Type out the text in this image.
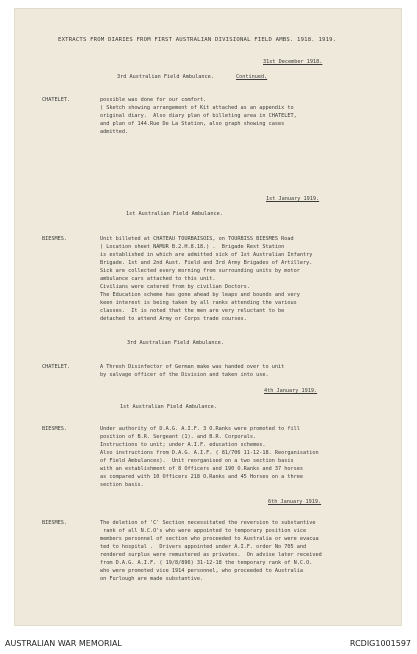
EXTRACTS FROM DIARIES FROM FIRST AUSTRALIAN DIVISIONAL FIELD AMBS. 1918. 1919.
31st December 1918.
3rd Australian Field Ambulance.	Continued.
CHATELET.	possible was done for our comfort.
( Sketch showing arrangement of Kit attached as an appendix to
original diary.  Also diary plan of billeting area in CHATELET,
and plan of 144.Rue De La Station, also graph showing cases
admitted.
1st January 1919.
1st Australian Field Ambulance.
BIESMES.	Unit billeted at CHATEAU TOURBAISOIS, on TOURBISS BIESMES Road
( Location sheet NAMUR B.2.H.8.18.) .  Brigade Rest Station
is established in which are admitted sick of 1st Australian Infantry
Brigade. 1st and 2nd Aust. Field and 3rd Army Brigades of Artillery.
Sick are collected every morning from surrounding units by motor
ambulance cars attached to this unit.
Civilians were catered from by civilian Doctors.
The Education scheme has gone ahead by leaps and bounds and very
keen interest is being taken by all ranks attending the various
classes.  It is noted that the men are very reluctant to be
detached to attend Army or Corps trade courses.
3rd Australian Field Ambulance.
CHATELET.	A Thresh Disinfector of German make was handed over to unit
by salvage officer of the Division and taken into use.
4th January 1919.
1st Australian Field Ambulance.
BIESMES.	Under authority of D.A.G. A.I.F. 3 O.Ranks were promoted to fill
position of B.R. Sergeant (1). and B.R. Corporals.
Instructions to unit; under A.I.F. education schemes.
Also instructions from D.A.G. A.I.F. ( 81/706 11-12-18. Reorganisation
of Field Ambulances).  Unit reorganised on a two section basis
with an establishment of 8 Officers and 190 O.Ranks and 37 horses
as compared with 10 Officers 218 O.Ranks and 45 Horses on a three
section basis.
6th January 1919.
BIESMES.	The deletion of 'C' Section necessitated the reversion to substantive
rank of all N.C.O's who were appointed to temporary position vice
members personnel of section who proceeded to Australia or were evacua
ted to hospital .  Drivers appointed under A.I.F. order No 705 and
rendered surplus were remustered as privates.  On advise later received
from D.A.G. A.I.F. ( 19/8/896) 31-12-18 the temporary rank of N.C.O.
who were promoted vice 1914 personnel, who proceeded to Australia
on Furlough are made substantive.
AUSTRALIAN WAR MEMORIAL	RCDIG1001597
